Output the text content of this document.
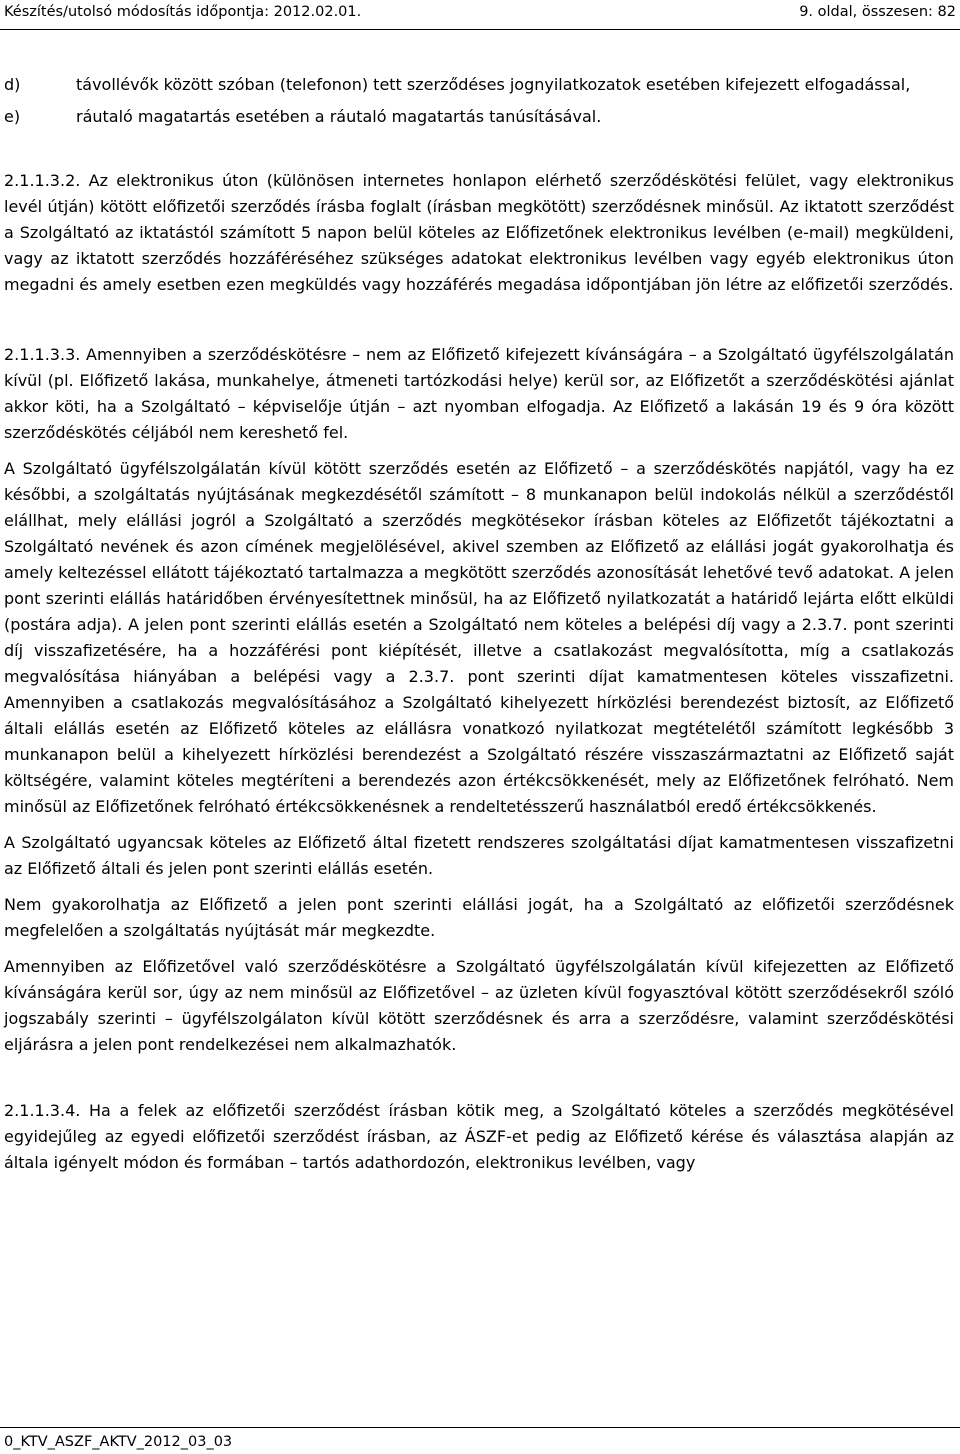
Készítés/utolsó módosítás időpontja: 2012.02.01.	9. oldal, összesen: 82

d)	távollévők között szóban (telefonon) tett szerződéses jognyilatkozatok esetében kifejezett elfogadással,

e)	ráutaló magatartás esetében a ráutaló magatartás tanúsításával.

2.1.1.3.2. Az elektronikus úton (különösen internetes honlapon elérhető szerződéskötési felület, vagy elektronikus levél útján) kötött előfizetői szerződés írásba foglalt (írásban megkötött) szerződésnek minősül. Az iktatott szerződést a Szolgáltató az iktatástól számított 5 napon belül köteles az Előfizetőnek elektronikus levélben (e-mail) megküldeni, vagy az iktatott szerződés hozzáféréséhez szükséges adatokat elektronikus levélben vagy egyéb elektronikus úton megadni és amely esetben ezen megküldés vagy hozzáférés megadása időpontjában jön létre az előfizetői szerződés.

2.1.1.3.3. Amennyiben a szerződéskötésre – nem az Előfizető kifejezett kívánságára – a Szolgáltató ügyfélszolgálatán kívül (pl. Előfizető lakása, munkahelye, átmeneti tartózkodási helye) kerül sor, az Előfizetőt a szerződéskötési ajánlat akkor köti, ha a Szolgáltató – képviselője útján – azt nyomban elfogadja. Az Előfizető a lakásán 19 és 9 óra között szerződéskötés céljából nem kereshető fel.

A Szolgáltató ügyfélszolgálatán kívül kötött szerződés esetén az Előfizető – a szerződéskötés napjától, vagy ha ez későbbi, a szolgáltatás nyújtásának megkezdésétől számított – 8 munkanapon belül indokolás nélkül a szerződéstől elállhat, mely elállási jogról a Szolgáltató a szerződés megkötésekor írásban köteles az Előfizetőt tájékoztatni a Szolgáltató nevének és azon címének megjelölésével, akivel szemben az Előfizető az elállási jogát gyakorolhatja és amely keltezéssel ellátott tájékoztató tartalmazza a megkötött szerződés azonosítását lehetővé tevő adatokat. A jelen pont szerinti elállás határidőben érvényesítettnek minősül, ha az Előfizető nyilatkozatát a határidő lejárta előtt elküldi (postára adja). A jelen pont szerinti elállás esetén a Szolgáltató nem köteles a belépési díj vagy a 2.3.7. pont szerinti díj visszafizetésére, ha a hozzáférési pont kiépítését, illetve a csatlakozást megvalósította, míg a csatlakozás megvalósítása hiányában a belépési vagy a 2.3.7. pont szerinti díjat kamatmentesen köteles visszafizetni. Amennyiben a csatlakozás megvalósításához a Szolgáltató kihelyezett hírközlési berendezést biztosít, az Előfizető általi elállás esetén az Előfizető köteles az elállásra vonatkozó nyilatkozat megtételétől számított legkésőbb 3 munkanapon belül a kihelyezett hírközlési berendezést a Szolgáltató részére visszaszármaztatni az Előfizető saját költségére, valamint köteles megtéríteni a berendezés azon értékcsökkenését, mely az Előfizetőnek felróható. Nem minősül az Előfizetőnek felróható értékcsökkenésnek a rendeltetésszerű használatból eredő értékcsökkenés.

A Szolgáltató ugyancsak köteles az Előfizető által fizetett rendszeres szolgáltatási díjat kamatmentesen visszafizetni az Előfizető általi és jelen pont szerinti elállás esetén.

Nem gyakorolhatja az Előfizető a jelen pont szerinti elállási jogát, ha a Szolgáltató az előfizetői szerződésnek megfelelően a szolgáltatás nyújtását már megkezdte.

Amennyiben az Előfizetővel való szerződéskötésre a Szolgáltató ügyfélszolgálatán kívül kifejezetten az Előfizető kívánságára kerül sor, úgy az nem minősül az Előfizetővel – az üzleten kívül fogyasztóval kötött szerződésekről szóló jogszabály szerinti – ügyfélszolgálaton kívül kötött szerződésnek és arra a szerződésre, valamint szerződéskötési eljárásra a jelen pont rendelkezései nem alkalmazhatók.

2.1.1.3.4. Ha a felek az előfizetői szerződést írásban kötik meg, a Szolgáltató köteles a szerződés megkötésével egyidejűleg az egyedi előfizetői szerződést írásban, az ÁSZF-et pedig az Előfizető kérése és választása alapján az általa igényelt módon és formában – tartós adathordozón, elektronikus levélben, vagy

0_KTV_ASZF_AKTV_2012_03_03
